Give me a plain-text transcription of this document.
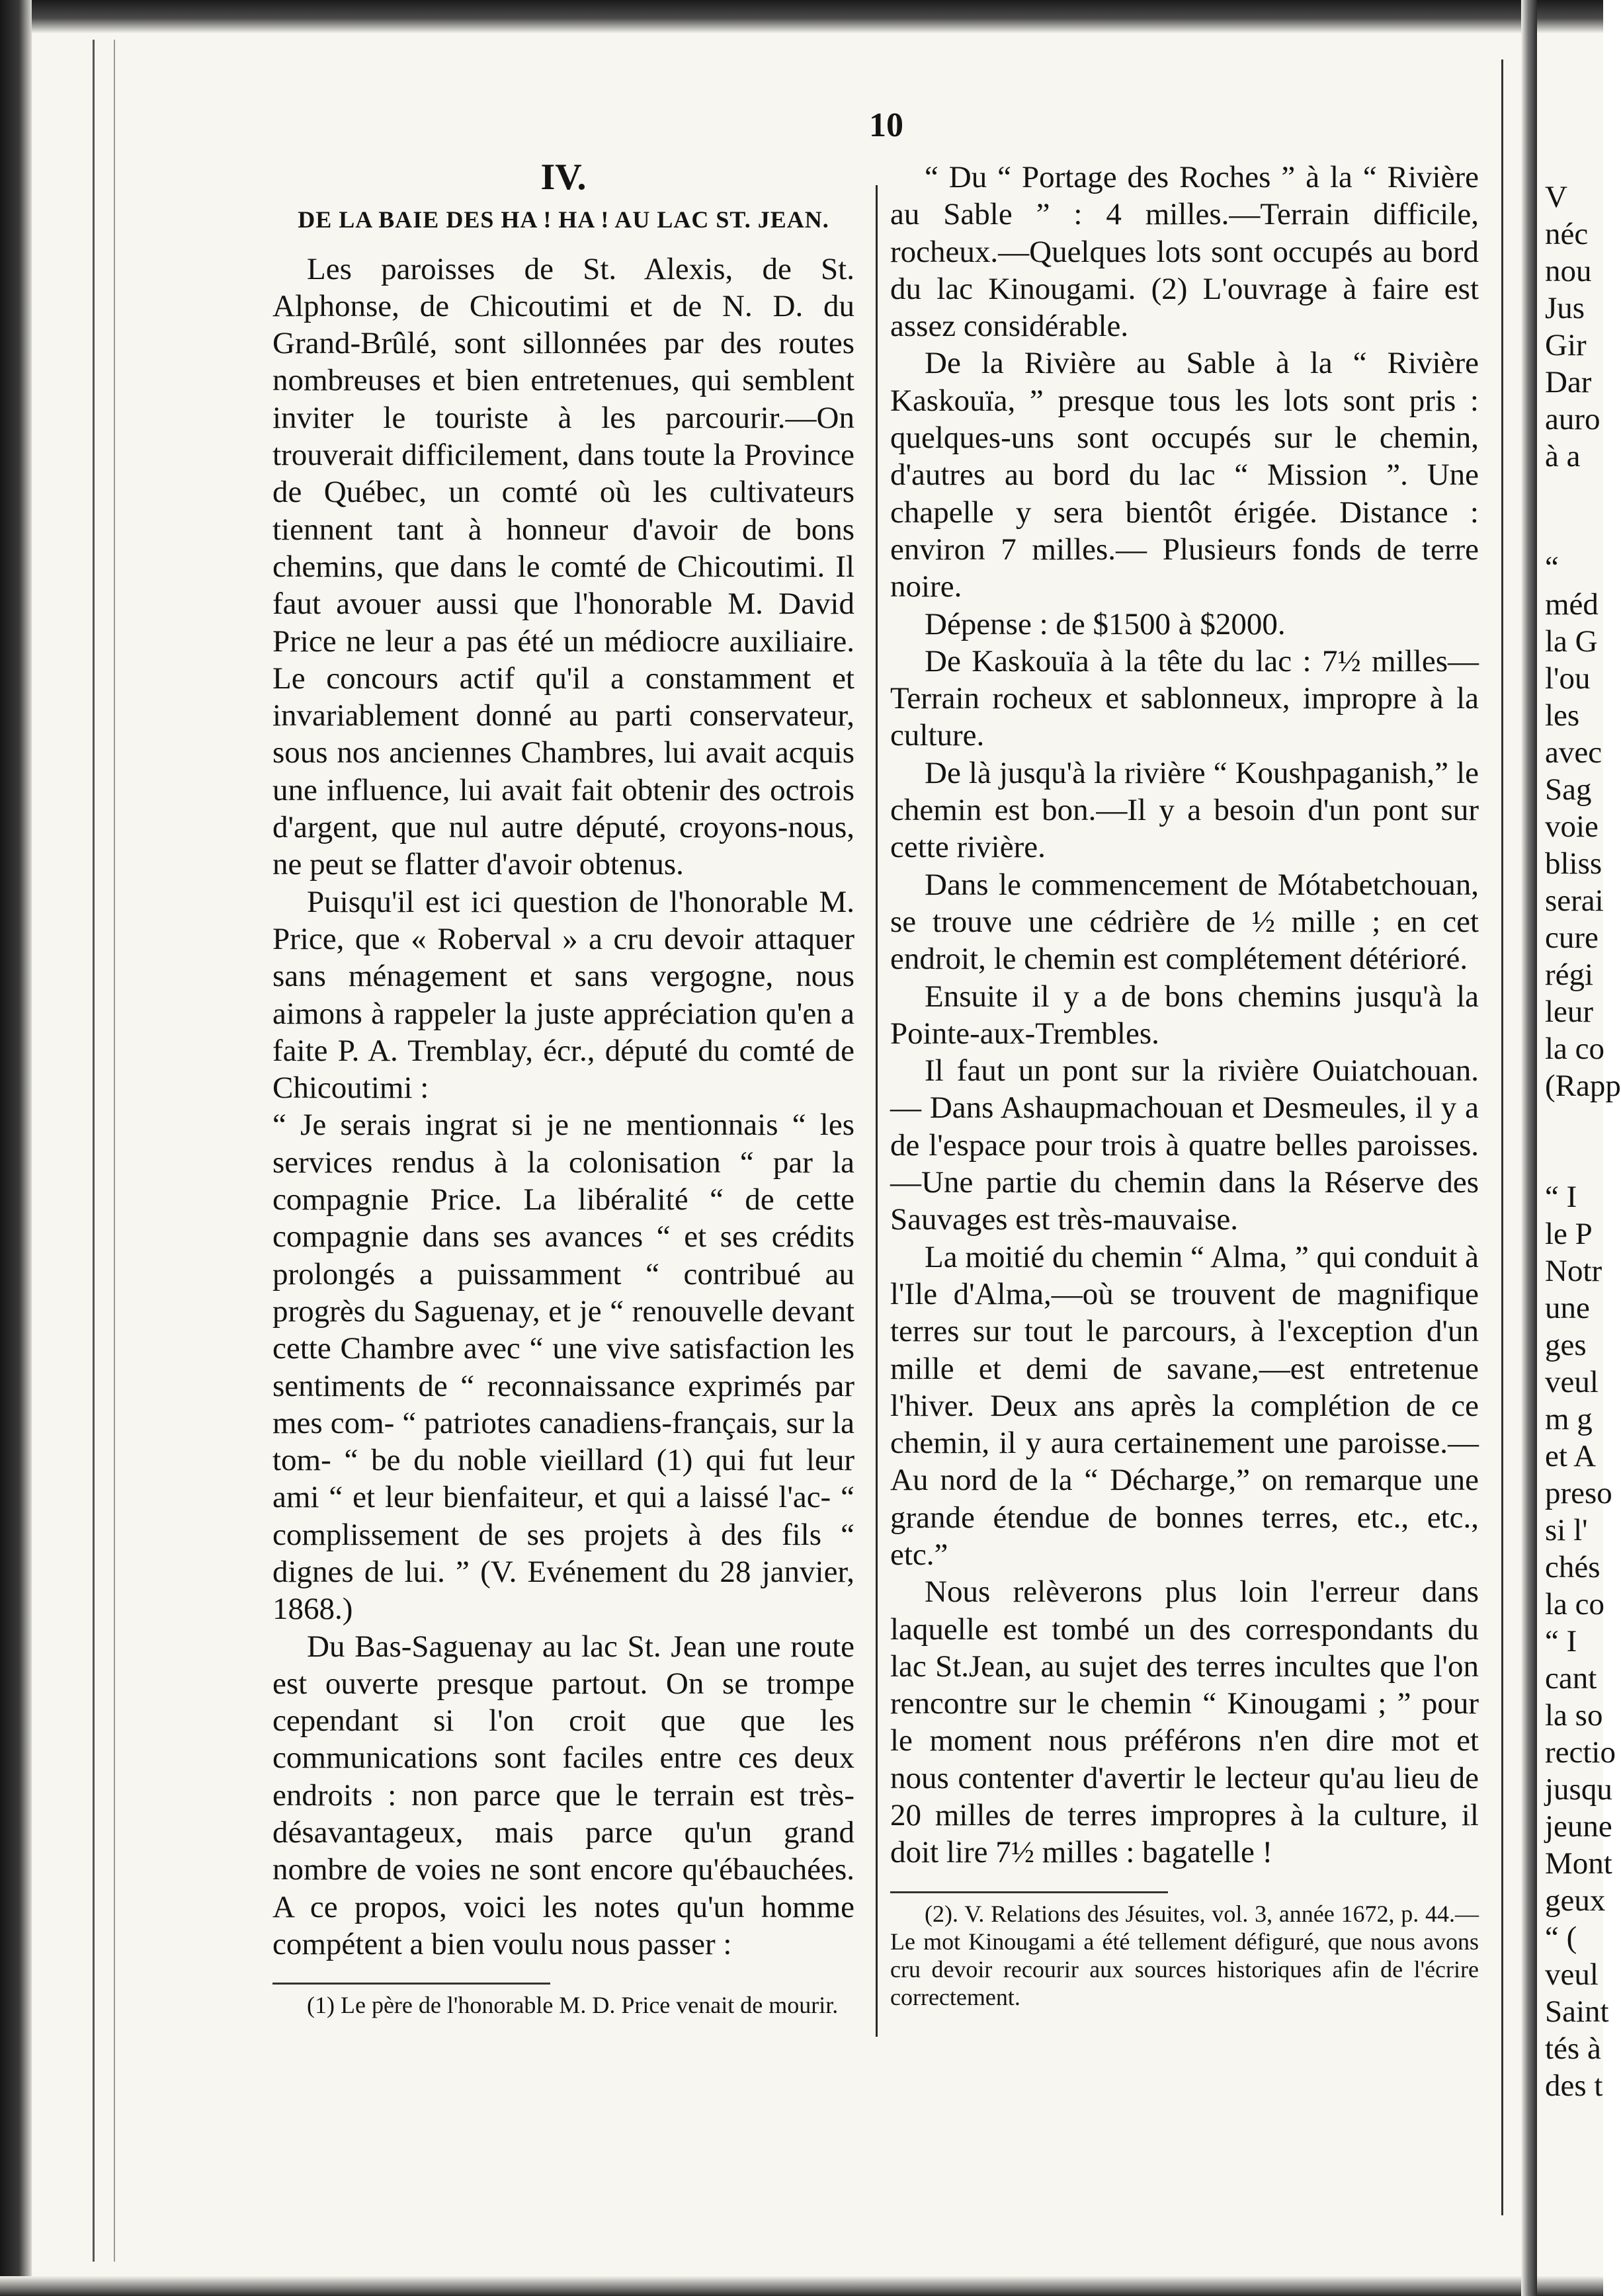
10
IV.
DE LA BAIE DES HA ! HA ! AU LAC ST. JEAN.

Les paroisses de St. Alexis, de St. Alphonse, de Chicoutimi et de N. D. du Grand-Brûlé, sont sillonnées par des routes nombreuses et bien entretenues, qui semblent inviter le touriste à les parcourir.—On trouverait difficilement, dans toute la Province de Québec, un comté où les cultivateurs tiennent tant à honneur d'avoir de bons chemins, que dans le comté de Chicoutimi. Il faut avouer aussi que l'honorable M. David Price ne leur a pas été un médiocre auxiliaire. Le concours actif qu'il a constamment et invariablement donné au parti conservateur, sous nos anciennes Chambres, lui avait acquis une influence, lui avait fait obtenir des octrois d'argent, que nul autre député, croyons-nous, ne peut se flatter d'avoir obtenus.

Puisqu'il est ici question de l'honorable M. Price, que « Roberval » a cru devoir attaquer sans ménagement et sans vergogne, nous aimons à rappeler la juste appréciation qu'en a faite P. A. Tremblay, écr., député du comté de Chicoutimi :

“ Je serais ingrat si je ne mentionnais “ les services rendus à la colonisation “ par la compagnie Price. La libéralité “ de cette compagnie dans ses avances “ et ses crédits prolongés a puissamment “ contribué au progrès du Saguenay, et je “ renouvelle devant cette Chambre avec “ une vive satisfaction les sentiments de “ reconnaissance exprimés par mes com- “ patriotes canadiens-français, sur la tom- “ be du noble vieillard (1) qui fut leur ami “ et leur bienfaiteur, et qui a laissé l'ac- “ complissement de ses projets à des fils “ dignes de lui. ” (V. Evénement du 28 janvier, 1868.)

Du Bas-Saguenay au lac St. Jean une route est ouverte presque partout. On se trompe cependant si l'on croit que que les communications sont faciles entre ces deux endroits : non parce que le terrain est très-désavantageux, mais parce qu'un grand nombre de voies ne sont encore qu'ébauchées. A ce propos, voici les notes qu'un homme compétent a bien voulu nous passer :

(1) Le père de l'honorable M. D. Price venait de mourir.

“ Du “ Portage des Roches ” à la “ Rivière au Sable ” : 4 milles.—Terrain difficile, rocheux.—Quelques lots sont occupés au bord du lac Kinougami. (2) L'ouvrage à faire est assez considérable.

De la Rivière au Sable à la “ Rivière Kaskouïa, ” presque tous les lots sont pris : quelques-uns sont occupés sur le chemin, d'autres au bord du lac “ Mission ”. Une chapelle y sera bientôt érigée. Distance : environ 7 milles.— Plusieurs fonds de terre noire.

Dépense : de $1500 à $2000.

De Kaskouïa à la tête du lac : 7½ milles—Terrain rocheux et sablonneux, impropre à la culture.

De là jusqu'à la rivière “ Koushpaganish,” le chemin est bon.—Il y a besoin d'un pont sur cette rivière.

Dans le commencement de Mótabetchouan, se trouve une cédrière de ½ mille ; en cet endroit, le chemin est complétement détérioré.

Ensuite il y a de bons chemins jusqu'à la Pointe-aux-Trembles.

Il faut un pont sur la rivière Ouiatchouan. — Dans Ashaupmachouan et Desmeules, il y a de l'espace pour trois à quatre belles paroisses.—Une partie du chemin dans la Réserve des Sauvages est très-mauvaise.

La moitié du chemin “ Alma, ” qui conduit à l'Ile d'Alma,—où se trouvent de magnifique terres sur tout le parcours, à l'exception d'un mille et demi de savane,—est entretenue l'hiver. Deux ans après la complétion de ce chemin, il y aura certainement une paroisse.—Au nord de la “ Décharge,” on remarque une grande étendue de bonnes terres, etc., etc., etc.”

Nous relèverons plus loin l'erreur dans laquelle est tombé un des correspondants du lac St.Jean, au sujet des terres incultes que l'on rencontre sur le chemin “ Kinougami ; ” pour le moment nous préférons n'en dire mot et nous contenter d'avertir le lecteur qu'au lieu de 20 milles de terres impropres à la culture, il doit lire 7½ milles : bagatelle !

(2). V. Relations des Jésuites, vol. 3, année 1672, p. 44.—Le mot Kinougami a été tellement défiguré, que nous avons cru devoir recourir aux sources historiques afin de l'écrire correctement.

V
néc
nou
Jus
Gir
Dar
auro
à a
“
méd
la G
l'ou
les
avec
Sag
voie
bliss
serai
cure
régi
leur
la co
(Rapp
“ I
le P
Notr
une
ges
veul
m g
et A
preso
si l'
chés
la co
“ I
cant
la so
rectio
jusqu
jeune
Mont
geux
“ (
veul
Saint
tés à
des t
